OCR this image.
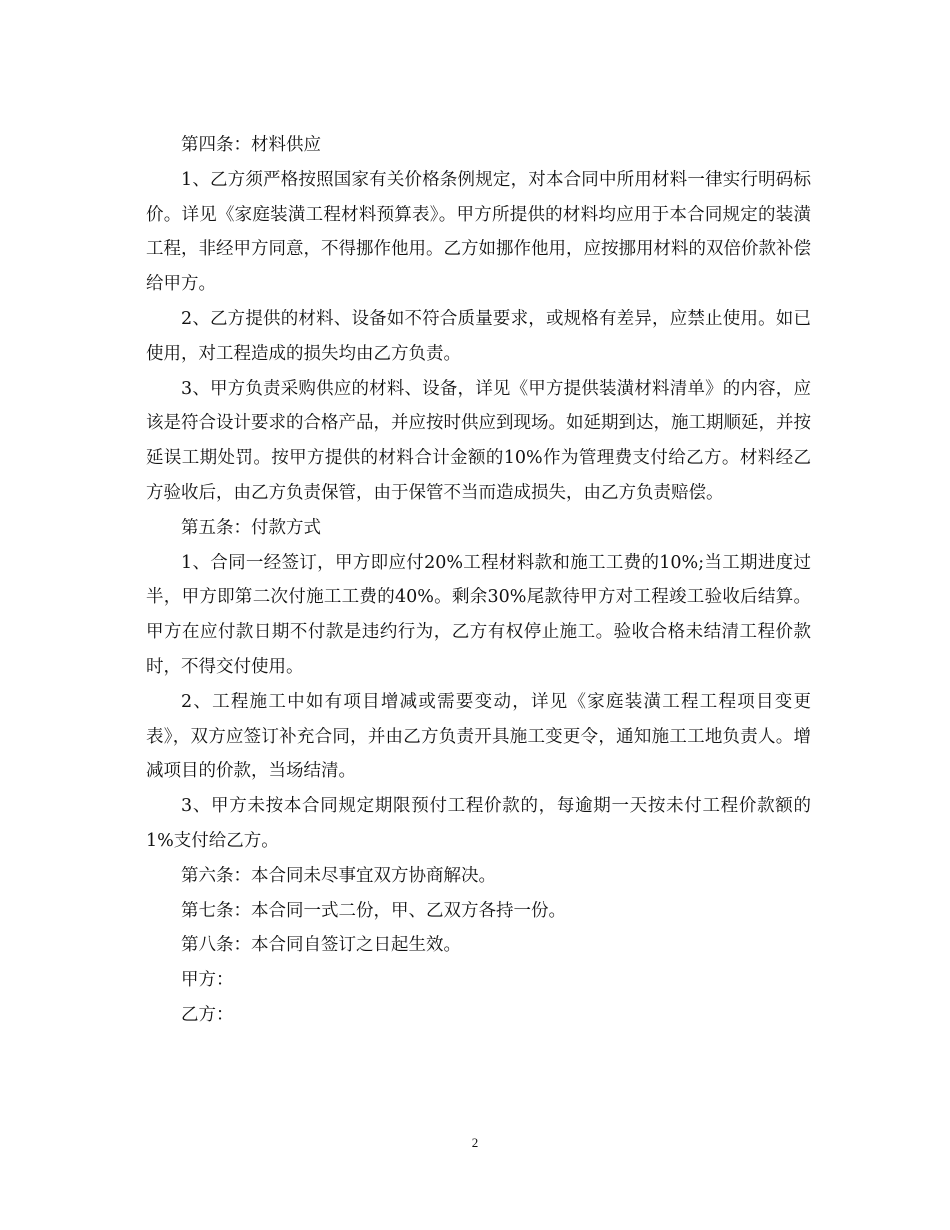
第四条：材料供应

1、乙方须严格按照国家有关价格条例规定，对本合同中所用材料一律实行明码标价。详见《家庭装潢工程材料预算表》。甲方所提供的材料均应用于本合同规定的装潢工程，非经甲方同意，不得挪作他用。乙方如挪作他用，应按挪用材料的双倍价款补偿给甲方。

2、乙方提供的材料、设备如不符合质量要求，或规格有差异，应禁止使用。如已使用，对工程造成的损失均由乙方负责。

3、甲方负责采购供应的材料、设备，详见《甲方提供装潢材料清单》的内容，应该是符合设计要求的合格产品，并应按时供应到现场。如延期到达，施工期顺延，并按延误工期处罚。按甲方提供的材料合计金额的10%作为管理费支付给乙方。材料经乙方验收后，由乙方负责保管，由于保管不当而造成损失，由乙方负责赔偿。

第五条：付款方式

1、合同一经签订，甲方即应付20%工程材料款和施工工费的10%;当工期进度过半，甲方即第二次付施工工费的40%。剩余30%尾款待甲方对工程竣工验收后结算。甲方在应付款日期不付款是违约行为，乙方有权停止施工。验收合格未结清工程价款时，不得交付使用。

2、工程施工中如有项目增减或需要变动，详见《家庭装潢工程工程项目变更表》，双方应签订补充合同，并由乙方负责开具施工变更令，通知施工工地负责人。增减项目的价款，当场结清。

3、甲方未按本合同规定期限预付工程价款的，每逾期一天按未付工程价款额的1%支付给乙方。

第六条：本合同未尽事宜双方协商解决。

第七条：本合同一式二份，甲、乙双方各持一份。

第八条：本合同自签订之日起生效。

甲方：

乙方：

2
